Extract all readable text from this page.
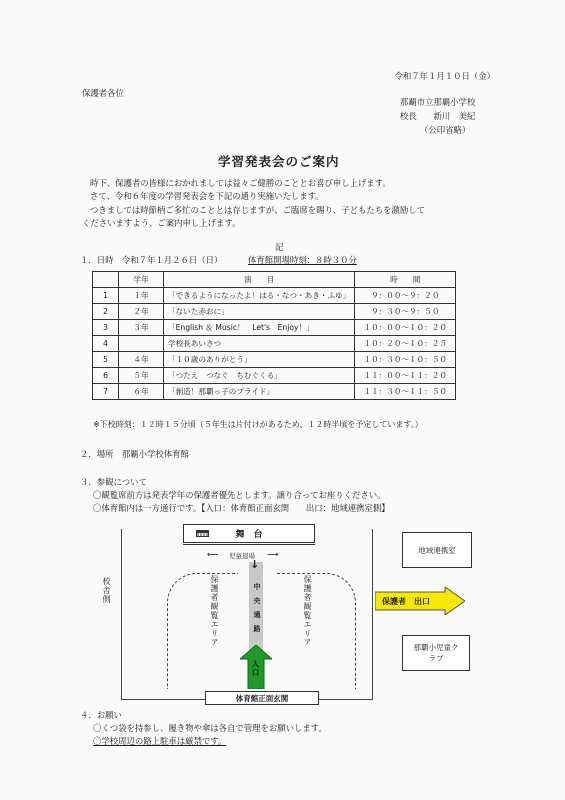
令和７年１月１０日（金）
保護者各位
那覇市立那覇小学校
校長　　新川　美紀
（公印省略）
学習発表会のご案内
時下、保護者の皆様におかれましては益々ご健勝のこととお喜び申し上げます。
さて、令和６年度の学習発表会を下記の通り実施いたします。
つきましては時節柄ご多忙のこととは存じますが、ご臨席を賜り、子どもたちを激励して
くださいますよう、ご案内申し上げます。
記
１．日時　令和７年１月２６日（日）	体育館開場時刻：８時３０分
	学年	演　　目	時　　間
1	１年	「できるようになったよ！はる・なつ・あき・ふゆ」	９：００～９：２０
2	２年	「ないた赤おに」	９：３０～９：５０
3	３年	「English ＆ Music！　Let's　Enjoy！」	１０：００～１０：２０
4		学校長あいさつ	１０：２０～１０：２５
5	４年	「１０歳のありがとう」	１０：３０～１０：５０
6	５年	「つたえ　つなぐ　ちむぐくる」	１１：００～１１：２０
7	６年	「創造！那覇っ子のプライド」	１１：３０～１１：５０
※下校時刻：１２時１５分頃（５年生は片付けがあるため、１２時半頃を予定しています。）
２．場所　那覇小学校体育館
３．参観について
〇観覧席前方は発表学年の保護者優先とします。譲り合ってお座りください。
〇体育館内は一方通行です。【入口：体育館正面玄関　　出口：地域連携室側】
校舎側
舞　台
⟵ 児童退場 ⟶
↓
中央通路
入口
保護者観覧エリア	保護者観覧エリア
体育館正面玄関
保護者　出口
地域連携室
那覇小児童クラブ
４．お願い
〇くつ袋を持参し、履き物や傘は各自で管理をお願いします。
〇学校周辺の路上駐車は厳禁です。
